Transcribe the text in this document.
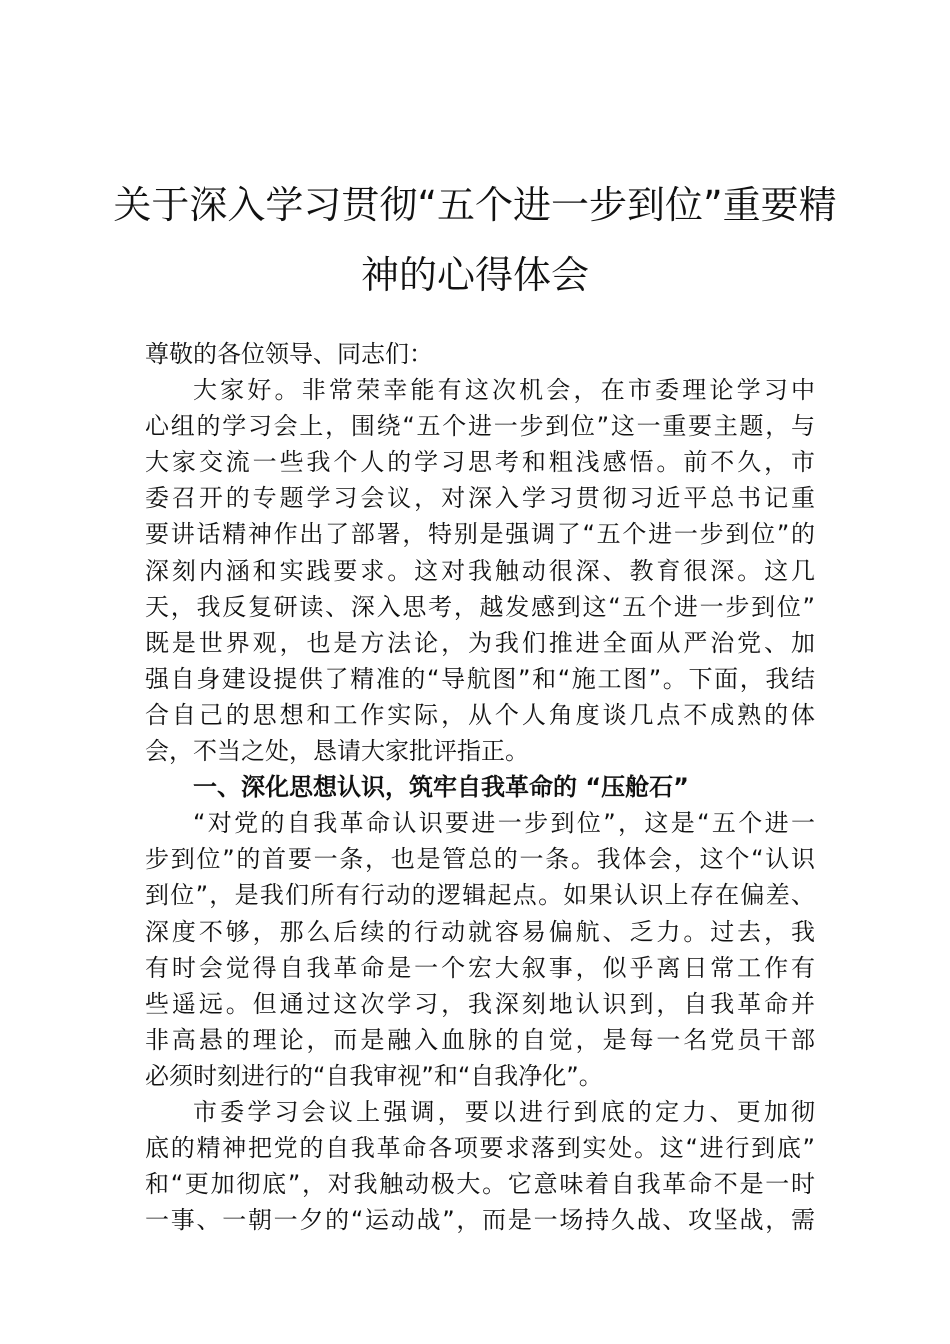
关于深入学习贯彻“五个进一步到位”重要精
神的心得体会
尊敬的各位领导、同志们：
大家好。非常荣幸能有这次机会，在市委理论学习中
心组的学习会上，围绕“五个进一步到位”这一重要主题，与
大家交流一些我个人的学习思考和粗浅感悟。前不久，市
委召开的专题学习会议，对深入学习贯彻习近平总书记重
要讲话精神作出了部署，特别是强调了“五个进一步到位”的
深刻内涵和实践要求。这对我触动很深、教育很深。这几
天，我反复研读、深入思考，越发感到这“五个进一步到位”
既是世界观，也是方法论，为我们推进全面从严治党、加
强自身建设提供了精准的“导航图”和“施工图”。下面，我结
合自己的思想和工作实际，从个人角度谈几点不成熟的体
会，不当之处，恳请大家批评指正。
一、深化思想认识，筑牢自我革命的 “压舱石”
“对党的自我革命认识要进一步到位”，这是“五个进一
步到位”的首要一条，也是管总的一条。我体会，这个“认识
到位”，是我们所有行动的逻辑起点。如果认识上存在偏差、
深度不够，那么后续的行动就容易偏航、乏力。过去，我
有时会觉得自我革命是一个宏大叙事，似乎离日常工作有
些遥远。但通过这次学习，我深刻地认识到，自我革命并
非高悬的理论，而是融入血脉的自觉，是每一名党员干部
必须时刻进行的“自我审视”和“自我净化”。
市委学习会议上强调，要以进行到底的定力、更加彻
底的精神把党的自我革命各项要求落到实处。这“进行到底”
和“更加彻底”，对我触动极大。它意味着自我革命不是一时
一事、一朝一夕的“运动战”，而是一场持久战、攻坚战，需
